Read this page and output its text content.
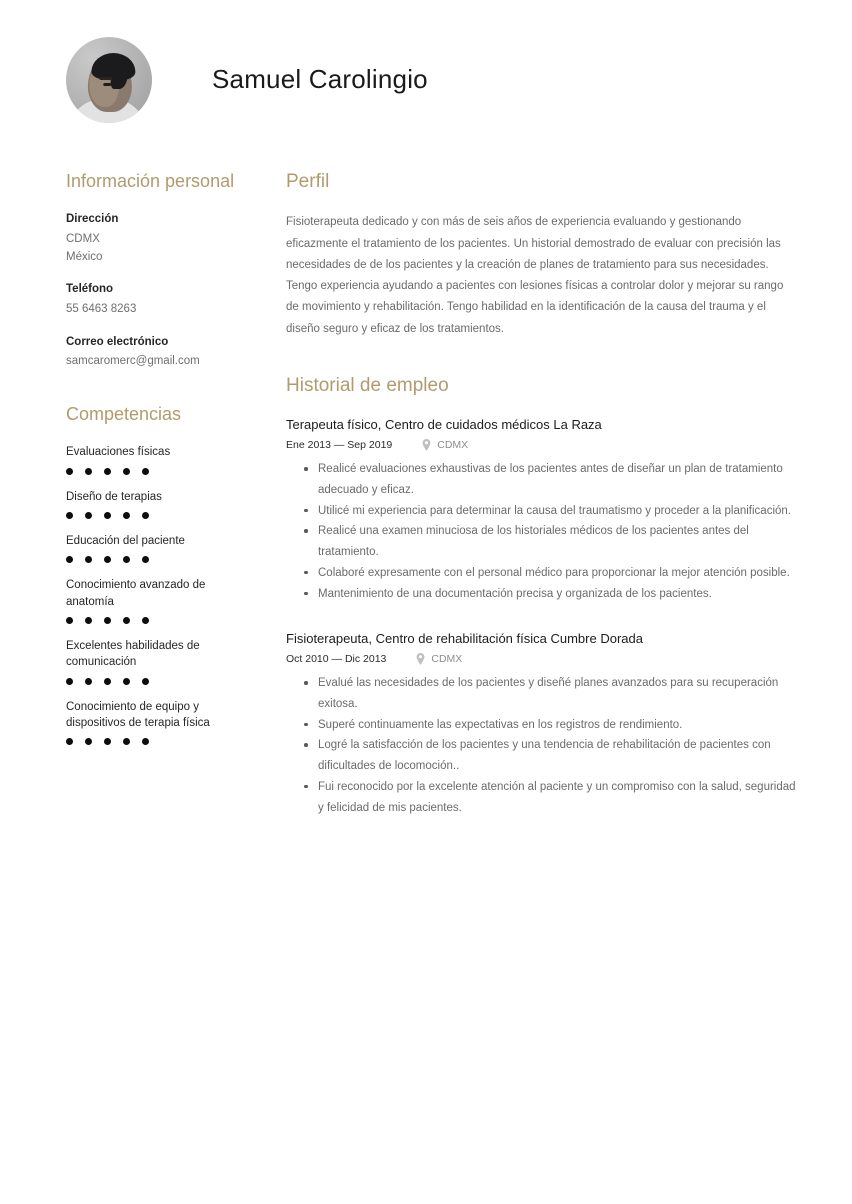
Samuel Carolingio
Información personal
Dirección
CDMX
México
Teléfono
55 6463 8263
Correo electrónico
samcaromerc@gmail.com
Competencias
Evaluaciones físicas
Diseño de terapias
Educación del paciente
Conocimiento avanzado de anatomía
Excelentes habilidades de comunicación
Conocimiento de equipo y dispositivos de terapia física
Perfil
Fisioterapeuta dedicado y con más de seis años de experiencia evaluando y gestionando eficazmente el tratamiento de los pacientes. Un historial demostrado de evaluar con precisión las necesidades de de los pacientes y la creación de planes de tratamiento para sus necesidades. Tengo experiencia ayudando a pacientes con lesiones físicas a controlar dolor y mejorar su rango de movimiento y rehabilitación. Tengo habilidad en la identificación de la causa del trauma y el diseño seguro y eficaz de los tratamientos.
Historial de empleo
Terapeuta físico, Centro de cuidados médicos La Raza
Ene 2013 — Sep 2019	CDMX
Realicé evaluaciones exhaustivas de los pacientes antes de diseñar un plan de tratamiento adecuado y eficaz.
Utilicé mi experiencia para determinar la causa del traumatismo y proceder a la planificación.
Realicé una examen minuciosa de los historiales médicos de los pacientes antes del tratamiento.
Colaboré expresamente con el personal médico para proporcionar la mejor atención posible.
Mantenimiento de una documentación precisa y organizada de los pacientes.
Fisioterapeuta, Centro de rehabilitación física Cumbre Dorada
Oct 2010 — Dic 2013	CDMX
Evalué las necesidades de los pacientes y diseñé planes avanzados para su recuperación exitosa.
Superé continuamente las expectativas en los registros de rendimiento.
Logré la satisfacción de los pacientes y una tendencia de rehabilitación de pacientes con dificultades de locomoción..
Fui reconocido por la excelente atención al paciente y un compromiso con la salud, seguridad y felicidad de mis pacientes.
